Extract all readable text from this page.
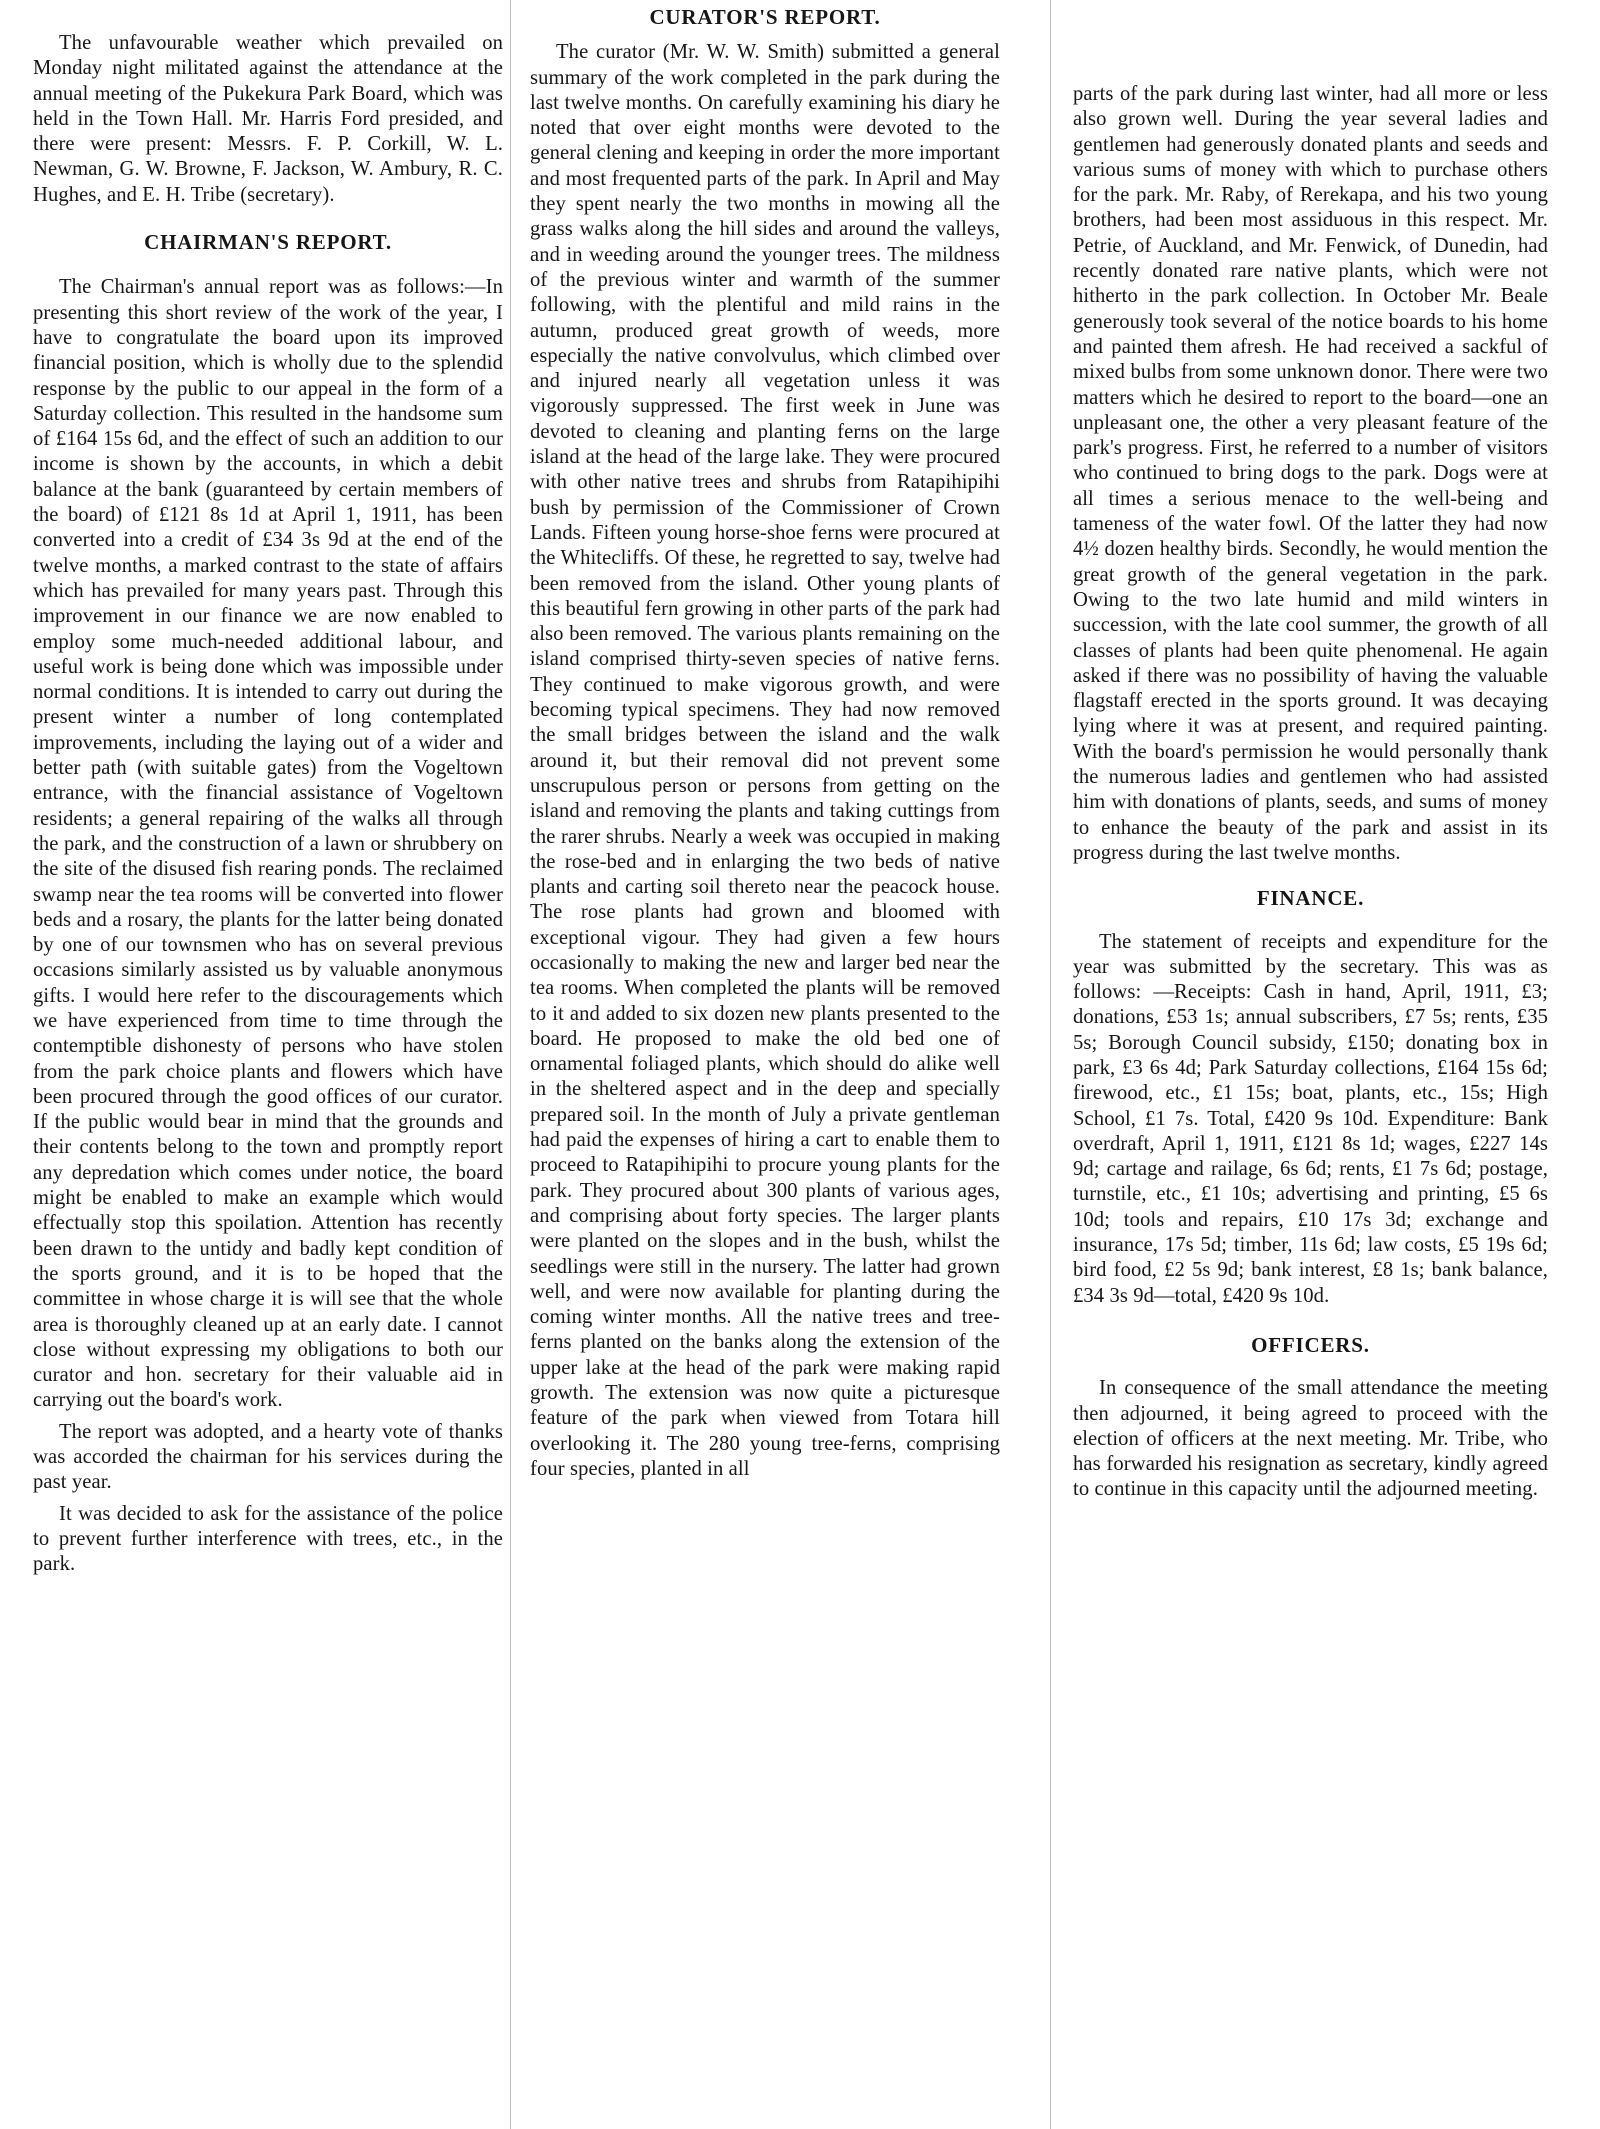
The unfavourable weather which prevailed on Monday night militated against the attendance at the annual meeting of the Pukekura Park Board, which was held in the Town Hall. Mr. Harris Ford presided, and there were present: Messrs. F. P. Corkill, W. L. Newman, G. W. Browne, F. Jackson, W. Ambury, R. C. Hughes, and E. H. Tribe (secretary).

CHAIRMAN'S REPORT.

The Chairman's annual report was as follows:—In presenting this short review of the work of the year, I have to congratulate the board upon its improved financial position, which is wholly due to the splendid response by the public to our appeal in the form of a Saturday collection. This resulted in the handsome sum of £164 15s 6d, and the effect of such an addition to our income is shown by the accounts, in which a debit balance at the bank (guaranteed by certain members of the board) of £121 8s 1d at April 1, 1911, has been converted into a credit of £34 3s 9d at the end of the twelve months, a marked contrast to the state of affairs which has prevailed for many years past. Through this improvement in our finance we are now enabled to employ some much-needed additional labour, and useful work is being done which was impossible under normal conditions. It is intended to carry out during the present winter a number of long contemplated improvements, including the laying out of a wider and better path (with suitable gates) from the Vogeltown entrance, with the financial assistance of Vogeltown residents; a general repairing of the walks all through the park, and the construction of a lawn or shrubbery on the site of the disused fish rearing ponds. The reclaimed swamp near the tea rooms will be converted into flower beds and a rosary, the plants for the latter being donated by one of our townsmen who has on several previous occasions similarly assisted us by valuable anonymous gifts. I would here refer to the discouragements which we have experienced from time to time through the contemptible dishonesty of persons who have stolen from the park choice plants and flowers which have been procured through the good offices of our curator. If the public would bear in mind that the grounds and their contents belong to the town and promptly report any depredation which comes under notice, the board might be enabled to make an example which would effectually stop this spoilation. Attention has recently been drawn to the untidy and badly kept condition of the sports ground, and it is to be hoped that the committee in whose charge it is will see that the whole area is thoroughly cleaned up at an early date. I cannot close without expressing my obligations to both our curator and hon. secretary for their valuable aid in carrying out the board's work.

The report was adopted, and a hearty vote of thanks was accorded the chairman for his services during the past year.

It was decided to ask for the assistance of the police to prevent further interference with trees, etc., in the park.

CURATOR'S REPORT.

The curator (Mr. W. W. Smith) submitted a general summary of the work completed in the park during the last twelve months. On carefully examining his diary he noted that over eight months were devoted to the general clening and keeping in order the more important and most frequented parts of the park. In April and May they spent nearly the two months in mowing all the grass walks along the hill sides and around the valleys, and in weeding around the younger trees. The mildness of the previous winter and warmth of the summer following, with the plentiful and mild rains in the autumn, produced great growth of weeds, more especially the native convolvulus, which climbed over and injured nearly all vegetation unless it was vigorously suppressed. The first week in June was devoted to cleaning and planting ferns on the large island at the head of the large lake. They were procured with other native trees and shrubs from Ratapihipihi bush by permission of the Commissioner of Crown Lands. Fifteen young horse-shoe ferns were procured at the Whitecliffs. Of these, he regretted to say, twelve had been removed from the island. Other young plants of this beautiful fern growing in other parts of the park had also been removed. The various plants remaining on the island comprised thirty-seven species of native ferns. They continued to make vigorous growth, and were becoming typical specimens. They had now removed the small bridges between the island and the walk around it, but their removal did not prevent some unscrupulous person or persons from getting on the island and removing the plants and taking cuttings from the rarer shrubs. Nearly a week was occupied in making the rose-bed and in enlarging the two beds of native plants and carting soil thereto near the peacock house. The rose plants had grown and bloomed with exceptional vigour. They had given a few hours occasionally to making the new and larger bed near the tea rooms. When completed the plants will be removed to it and added to six dozen new plants presented to the board. He proposed to make the old bed one of ornamental foliaged plants, which should do alike well in the sheltered aspect and in the deep and specially prepared soil. In the month of July a private gentleman had paid the expenses of hiring a cart to enable them to proceed to Ratapihipihi to procure young plants for the park. They procured about 300 plants of various ages, and comprising about forty species. The larger plants were planted on the slopes and in the bush, whilst the seedlings were still in the nursery. The latter had grown well, and were now available for planting during the coming winter months. All the native trees and tree-ferns planted on the banks along the extension of the upper lake at the head of the park were making rapid growth. The extension was now quite a picturesque feature of the park when viewed from Totara hill overlooking it. The 280 young tree-ferns, comprising four species, planted in all

parts of the park during last winter, had all more or less also grown well. During the year several ladies and gentlemen had generously donated plants and seeds and various sums of money with which to purchase others for the park. Mr. Raby, of Rerekapa, and his two young brothers, had been most assiduous in this respect. Mr. Petrie, of Auckland, and Mr. Fenwick, of Dunedin, had recently donated rare native plants, which were not hitherto in the park collection. In October Mr. Beale generously took several of the notice boards to his home and painted them afresh. He had received a sackful of mixed bulbs from some unknown donor. There were two matters which he desired to report to the board—one an unpleasant one, the other a very pleasant feature of the park's progress. First, he referred to a number of visitors who continued to bring dogs to the park. Dogs were at all times a serious menace to the well-being and tameness of the water fowl. Of the latter they had now 4½ dozen healthy birds. Secondly, he would mention the great growth of the general vegetation in the park. Owing to the two late humid and mild winters in succession, with the late cool summer, the growth of all classes of plants had been quite phenomenal. He again asked if there was no possibility of having the valuable flagstaff erected in the sports ground. It was decaying lying where it was at present, and required painting. With the board's permission he would personally thank the numerous ladies and gentlemen who had assisted him with donations of plants, seeds, and sums of money to enhance the beauty of the park and assist in its progress during the last twelve months.

FINANCE.

The statement of receipts and expenditure for the year was submitted by the secretary. This was as follows: —Receipts: Cash in hand, April, 1911, £3; donations, £53 1s; annual subscribers, £7 5s; rents, £35 5s; Borough Council subsidy, £150; donating box in park, £3 6s 4d; Park Saturday collections, £164 15s 6d; firewood, etc., £1 15s; boat, plants, etc., 15s; High School, £1 7s. Total, £420 9s 10d. Expenditure: Bank overdraft, April 1, 1911, £121 8s 1d; wages, £227 14s 9d; cartage and railage, 6s 6d; rents, £1 7s 6d; postage, turnstile, etc., £1 10s; advertising and printing, £5 6s 10d; tools and repairs, £10 17s 3d; exchange and insurance, 17s 5d; timber, 11s 6d; law costs, £5 19s 6d; bird food, £2 5s 9d; bank interest, £8 1s; bank balance, £34 3s 9d—total, £420 9s 10d.

OFFICERS.

In consequence of the small attendance the meeting then adjourned, it being agreed to proceed with the election of officers at the next meeting. Mr. Tribe, who has forwarded his resignation as secretary, kindly agreed to continue in this capacity until the adjourned meeting.
